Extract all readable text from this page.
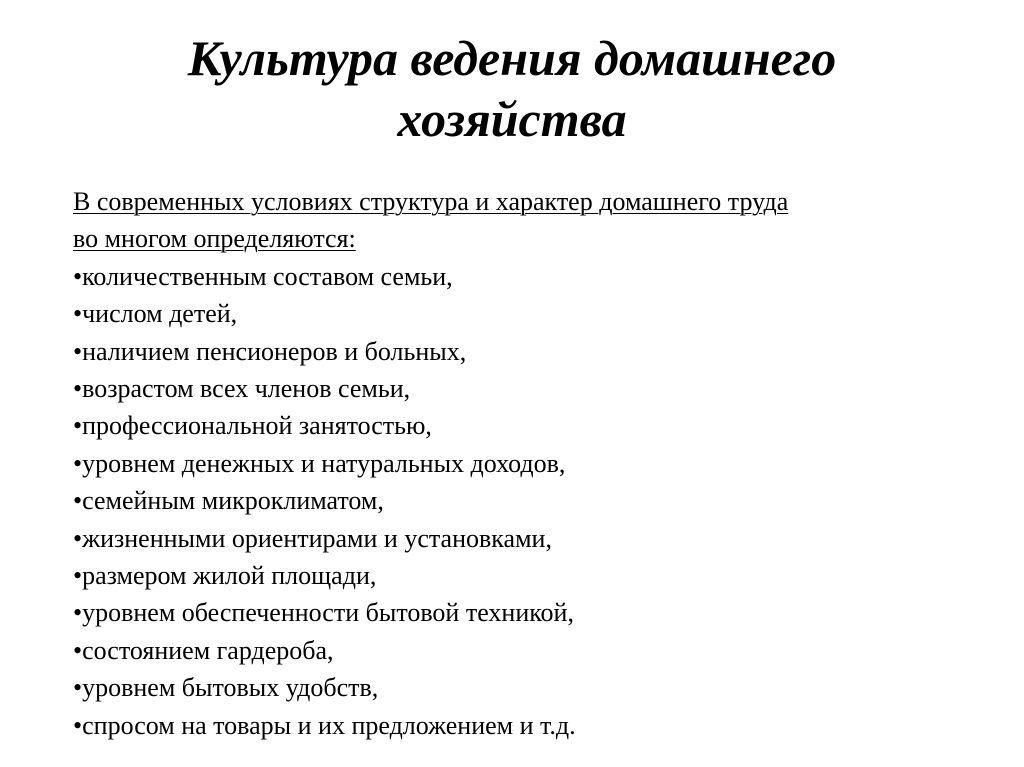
Культура ведения домашнего
хозяйства
В современных условиях структура и характер домашнего труда
во многом определяются:
•количественным составом семьи,
•числом детей,
•наличием пенсионеров и больных,
•возрастом всех членов семьи,
•профессиональной занятостью,
•уровнем денежных и натуральных доходов,
•семейным микроклиматом,
•жизненными ориентирами и установками,
•размером жилой площади,
•уровнем обеспеченности бытовой техникой,
•состоянием гардероба,
•уровнем бытовых удобств,
•спросом на товары и их предложением и т.д.
